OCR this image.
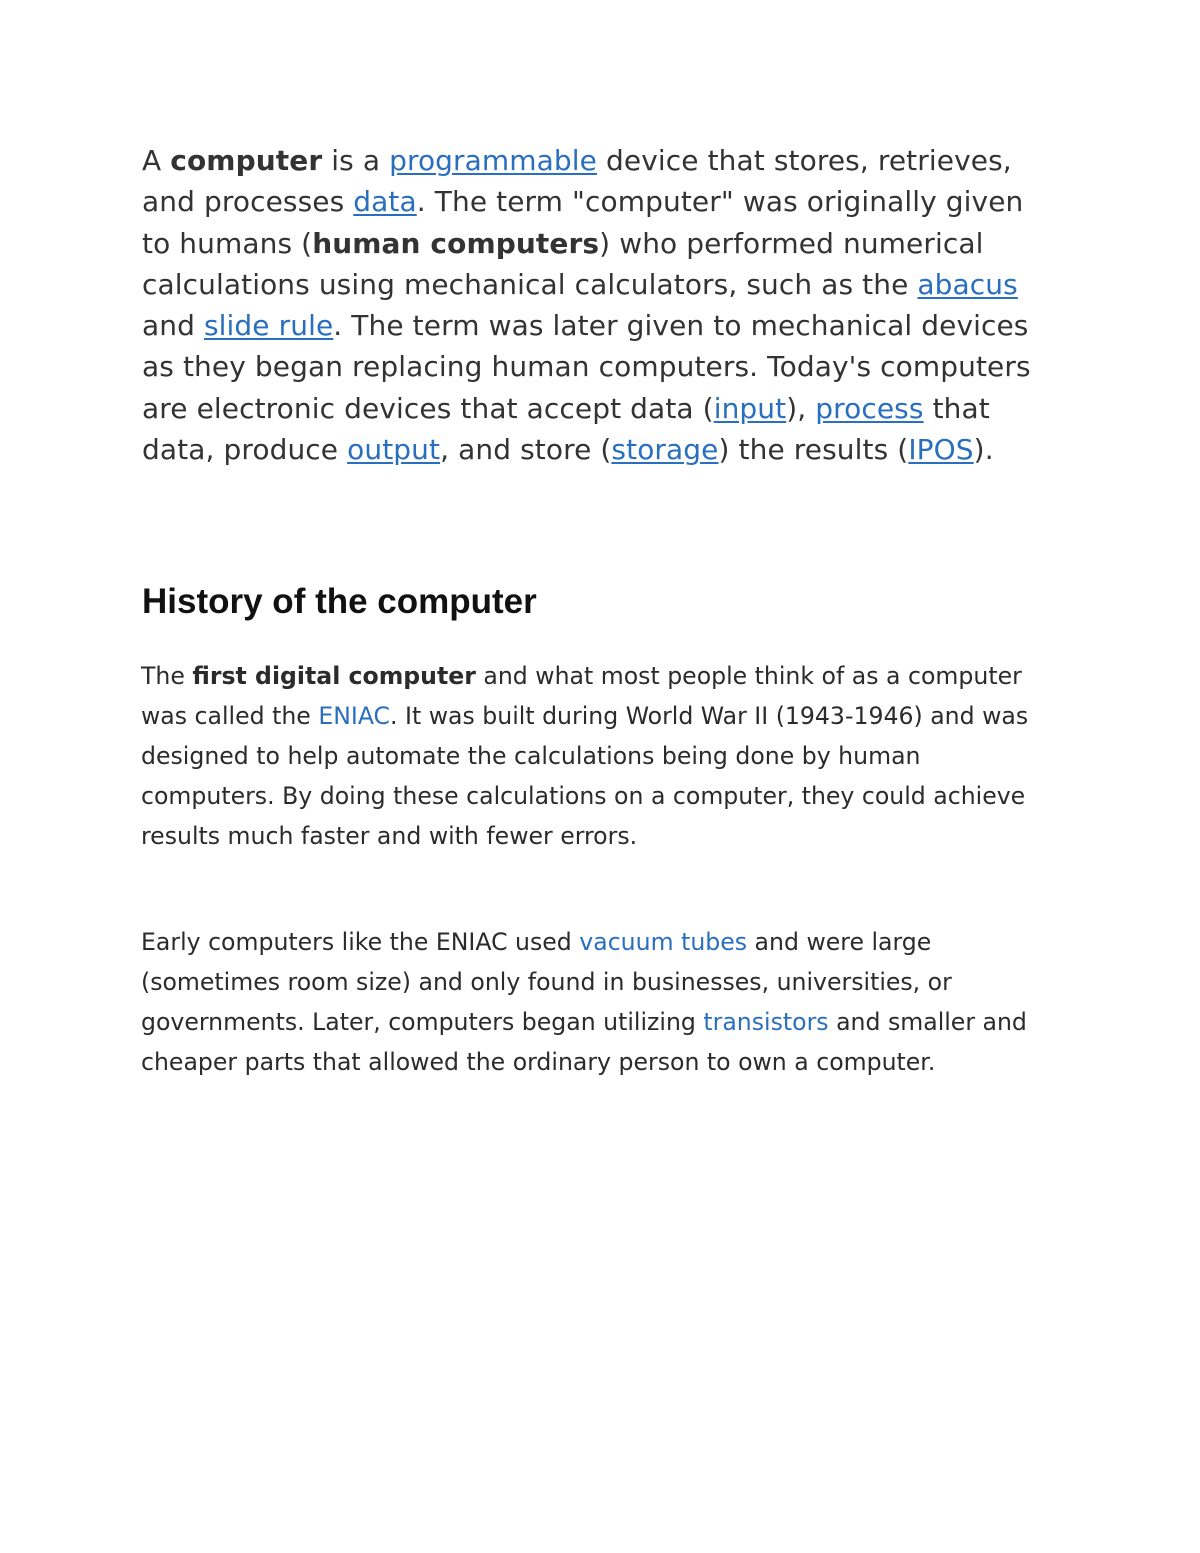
A computer is a programmable device that stores, retrieves, and processes data. The term "computer" was originally given to humans (human computers) who performed numerical calculations using mechanical calculators, such as the abacus and slide rule. The term was later given to mechanical devices as they began replacing human computers. Today's computers are electronic devices that accept data (input), process that data, produce output, and store (storage) the results (IPOS).

History of the computer

The first digital computer and what most people think of as a computer was called the ENIAC. It was built during World War II (1943-1946) and was designed to help automate the calculations being done by human computers. By doing these calculations on a computer, they could achieve results much faster and with fewer errors.

Early computers like the ENIAC used vacuum tubes and were large (sometimes room size) and only found in businesses, universities, or governments. Later, computers began utilizing transistors and smaller and cheaper parts that allowed the ordinary person to own a computer.
